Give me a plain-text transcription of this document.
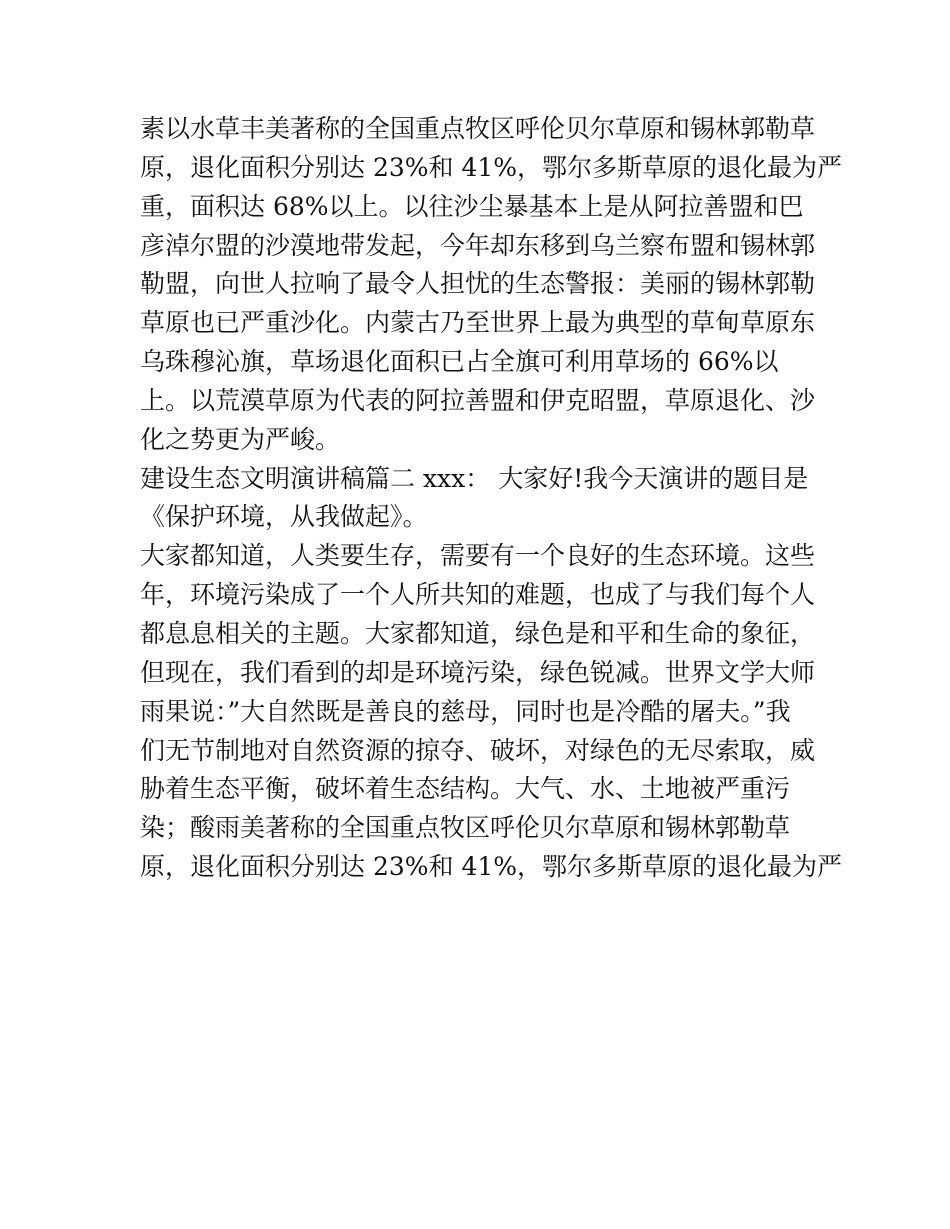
素以水草丰美著称的全国重点牧区呼伦贝尔草原和锡林郭勒草
原，退化面积分别达 23%和 41%，鄂尔多斯草原的退化最为严
重，面积达 68%以上。以往沙尘暴基本上是从阿拉善盟和巴
彦淖尔盟的沙漠地带发起，今年却东移到乌兰察布盟和锡林郭
勒盟，向世人拉响了最令人担忧的生态警报：美丽的锡林郭勒
草原也已严重沙化。内蒙古乃至世界上最为典型的草甸草原东
乌珠穆沁旗，草场退化面积已占全旗可利用草场的 66%以
上。以荒漠草原为代表的阿拉善盟和伊克昭盟，草原退化、沙
化之势更为严峻。
建设生态文明演讲稿篇二 xxx： 大家好!我今天演讲的题目是
《保护环境，从我做起》。
大家都知道，人类要生存，需要有一个良好的生态环境。这些
年，环境污染成了一个人所共知的难题，也成了与我们每个人
都息息相关的主题。大家都知道，绿色是和平和生命的象征，
但现在，我们看到的却是环境污染，绿色锐减。世界文学大师
雨果说：”大自然既是善良的慈母，同时也是冷酷的屠夫。”我
们无节制地对自然资源的掠夺、破坏，对绿色的无尽索取，威
胁着生态平衡，破坏着生态结构。大气、水、土地被严重污
染；酸雨美著称的全国重点牧区呼伦贝尔草原和锡林郭勒草
原，退化面积分别达 23%和 41%，鄂尔多斯草原的退化最为严
